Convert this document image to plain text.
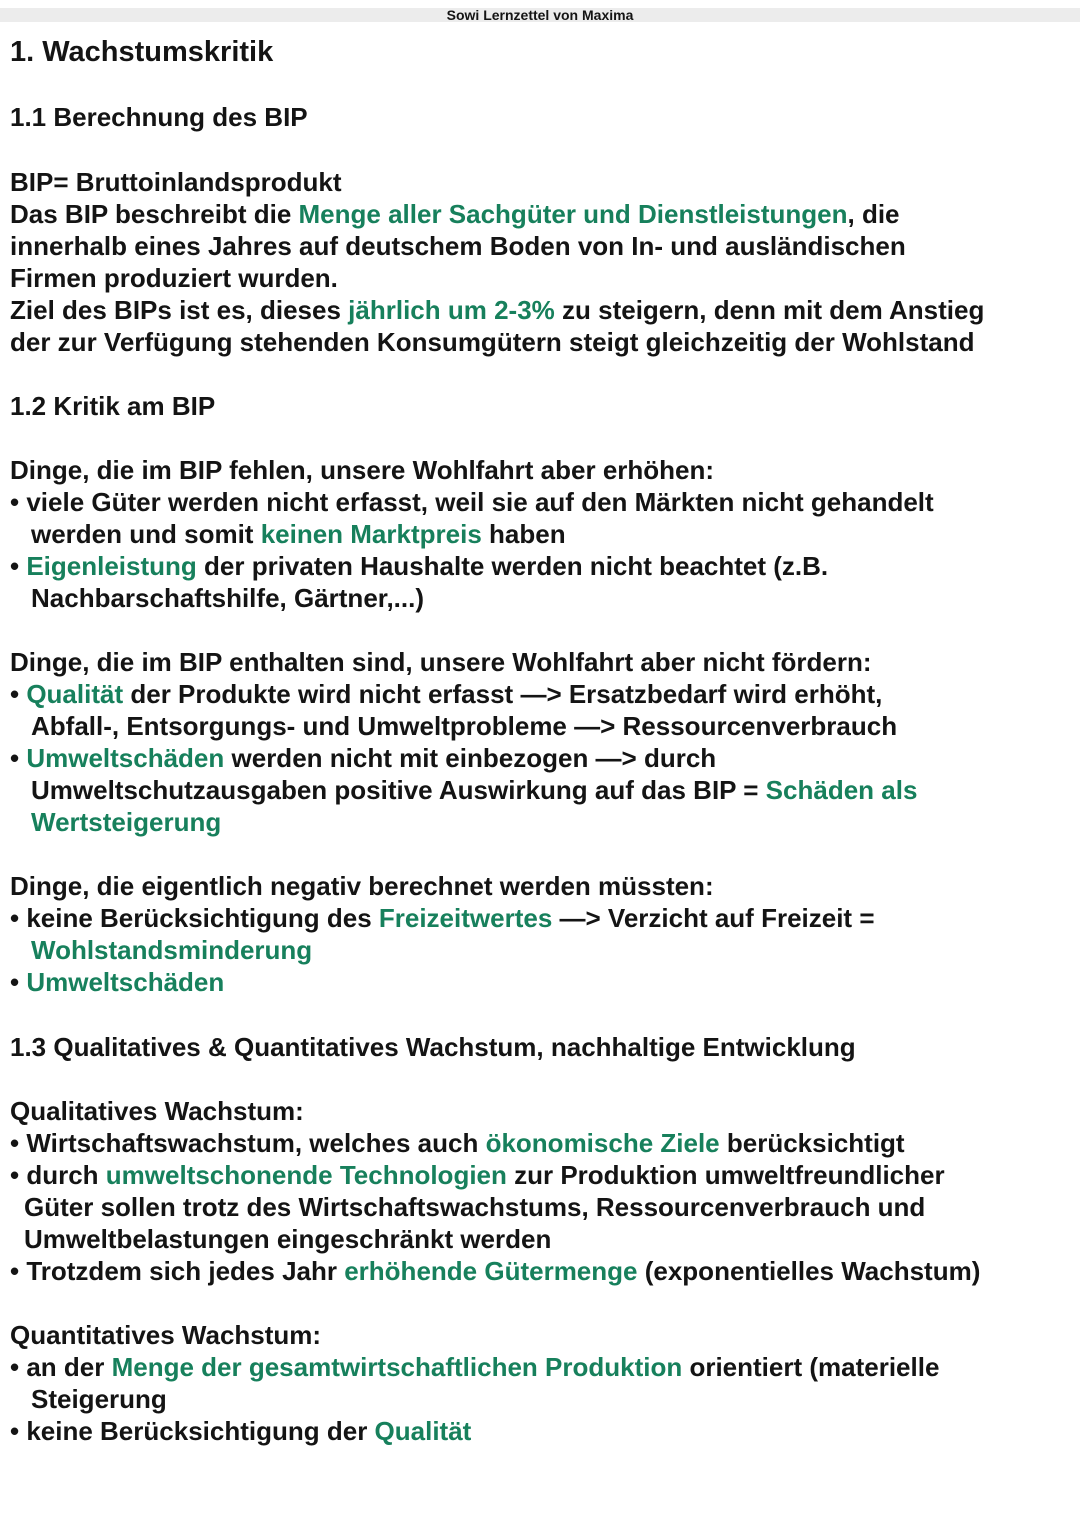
Sowi Lernzettel von Maxima
1. Wachstumskritik
1.1 Berechnung des BIP
BIP= Bruttoinlandsprodukt
Das BIP beschreibt die Menge aller Sachgüter und Dienstleistungen, die
innerhalb eines Jahres auf deutschem Boden von In- und ausländischen
Firmen produziert wurden.
Ziel des BIPs ist es, dieses jährlich um 2-3% zu steigern, denn mit dem Anstieg
der zur Verfügung stehenden Konsumgütern steigt gleichzeitig der Wohlstand
1.2 Kritik am BIP
Dinge, die im BIP fehlen, unsere Wohlfahrt aber erhöhen:
• viele Güter werden nicht erfasst, weil sie auf den Märkten nicht gehandelt
werden und somit keinen Marktpreis haben
• Eigenleistung der privaten Haushalte werden nicht beachtet (z.B.
Nachbarschaftshilfe, Gärtner,...)
Dinge, die im BIP enthalten sind, unsere Wohlfahrt aber nicht fördern:
• Qualität der Produkte wird nicht erfasst —> Ersatzbedarf wird erhöht,
Abfall-, Entsorgungs- und Umweltprobleme —> Ressourcenverbrauch
• Umweltschäden werden nicht mit einbezogen —> durch
Umweltschutzausgaben positive Auswirkung auf das BIP = Schäden als
Wertsteigerung
Dinge, die eigentlich negativ berechnet werden müssten:
• keine Berücksichtigung des Freizeitwertes —> Verzicht auf Freizeit =
Wohlstandsminderung
• Umweltschäden
1.3 Qualitatives & Quantitatives Wachstum, nachhaltige Entwicklung
Qualitatives Wachstum:
• Wirtschaftswachstum, welches auch ökonomische Ziele berücksichtigt
• durch umweltschonende Technologien zur Produktion umweltfreundlicher
Güter sollen trotz des Wirtschaftswachstums, Ressourcenverbrauch und
Umweltbelastungen eingeschränkt werden
• Trotzdem sich jedes Jahr erhöhende Gütermenge (exponentielles Wachstum)
Quantitatives Wachstum:
• an der Menge der gesamtwirtschaftlichen Produktion orientiert (materielle
Steigerung
• keine Berücksichtigung der Qualität
